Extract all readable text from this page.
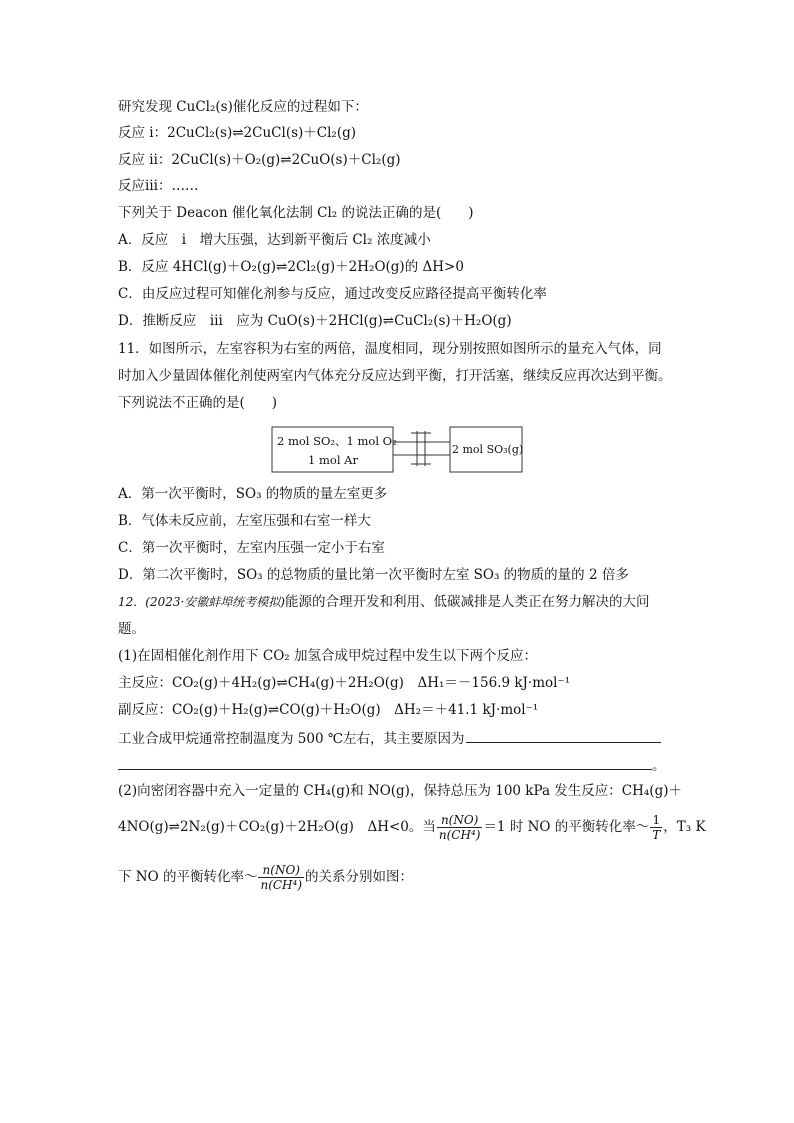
研究发现 CuCl₂(s)催化反应的过程如下：
反应 ⅰ：2CuCl₂(s)⇌2CuCl(s)＋Cl₂(g)
反应 ⅱ：2CuCl(s)＋O₂(g)⇌2CuO(s)＋Cl₂(g)
反应ⅲ：……
下列关于 Deacon 催化氧化法制 Cl₂ 的说法正确的是(　　)
A．反应　ⅰ　增大压强，达到新平衡后 Cl₂ 浓度减小
B．反应 4HCl(g)＋O₂(g)⇌2Cl₂(g)＋2H₂O(g)的 ΔH>0
C．由反应过程可知催化剂参与反应，通过改变反应路径提高平衡转化率
D．推断反应　ⅲ　应为 CuO(s)＋2HCl(g)⇌CuCl₂(s)＋H₂O(g)
11．如图所示，左室容积为右室的两倍，温度相同，现分别按照如图所示的量充入气体，同
时加入少量固体催化剂使两室内气体充分反应达到平衡，打开活塞，继续反应再次达到平衡。
下列说法不正确的是(　　)
2 mol SO₂、1 mol O₂
1 mol Ar
2 mol SO₃(g)
A．第一次平衡时，SO₃ 的物质的量左室更多
B．气体未反应前，左室压强和右室一样大
C．第一次平衡时，左室内压强一定小于右室
D．第二次平衡时，SO₃ 的总物质的量比第一次平衡时左室 SO₃ 的物质的量的 2 倍多
12．(2023·安徽蚌埠统考模拟)能源的合理开发和利用、低碳减排是人类正在努力解决的大问
题。
(1)在固相催化剂作用下 CO₂ 加氢合成甲烷过程中发生以下两个反应：
主反应：CO₂(g)＋4H₂(g)⇌CH₄(g)＋2H₂O(g)　ΔH₁＝－156.9 kJ·mol⁻¹
副反应：CO₂(g)＋H₂(g)⇌CO(g)＋H₂O(g)　ΔH₂＝＋41.1 kJ·mol⁻¹
工业合成甲烷通常控制温度为 500 ℃左右，其主要原因为
。
(2)向密闭容器中充入一定量的 CH₄(g)和 NO(g)，保持总压为 100 kPa 发生反应：CH₄(g)＋
4NO(g)⇌2N₂(g)＋CO₂(g)＋2H₂O(g)　ΔH<0。当 $\frac{n(NO)}{\text{n(CH⁴)}} =1$ 时 NO 的平衡转化率～ $\frac{1}{T}$ ，T₃ K
下 NO 的平衡转化率～ $\frac{n(NO)}{\text{n(CH⁴)}}$ 的关系分别如图：
